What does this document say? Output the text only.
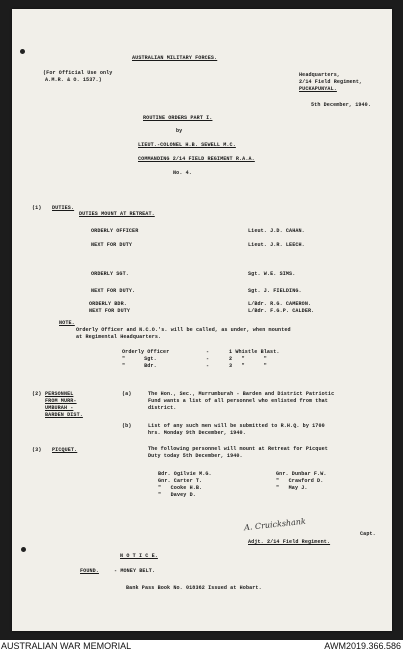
AUSTRALIAN MILITARY FORCES.
(For Official Use only
A.M.R. & O. 1537.)
Headquarters,
2/14 Field Regiment,
PUCKAPUNYAL.
5th December, 1940.
ROUTINE ORDERS PART I.
by
LIEUT.-COLONEL H.B. SEWELL M.C.
COMMANDING 2/14 FIELD REGIMENT R.A.A.
No. 4.
(1) DUTIES.
DUTIES MOUNT AT RETREAT.
ORDERLY OFFICER	Lieut. J.D. CAHAN.
NEXT FOR DUTY	Lieut. J.R. LEECH.
ORDERLY SGT.	Sgt. W.E. SIMS.
NEXT FOR DUTY.	Sgt. J. FIELDING.
ORDERLY BDR.	L/Bdr. R.G. CAMERON.
NEXT FOR DUTY	L/Bdr. F.G.P. CALDER.
NOTE.
Orderly Officer and N.C.O.'s. will be called, as under, when mounted
at Regimental Headquarters.
Orderly Officer	-	1 Whistle Blast.
"      Sgt.	-	2   "      "
"      Bdr.	-	3   "      "
(2) PERSONNEL
FROM MURR-
UMBURAH -
BARDEN DIST.
(a)	The Hon., Sec., Murrumburah - Barden and District Patriotic
Fund wants a list of all personnel who enlisted from that
district.
(b)	List of any such men will be submitted to R.H.Q. by 1700
hrs. Monday 9th December, 1940.
(3) PICQUET.	The following personnel will mount at Retreat for Picquet
Duty today 5th December, 1940.
Bdr. Ogilvie M.G.
Gnr. Carter T.
"   Cooke H.B.
"   Davey D.
Gnr. Dunbar F.W.
"   Crawford D.
"   May J.
A. Cruickshank
Capt.
Adjt. 2/14 Field Regiment.
N O T I C E.
FOUND.	- MONEY BELT.
Bank Pass Book No. 018362 Issued at Hobart.
AUSTRALIAN WAR MEMORIAL	AWM2019.366.586
